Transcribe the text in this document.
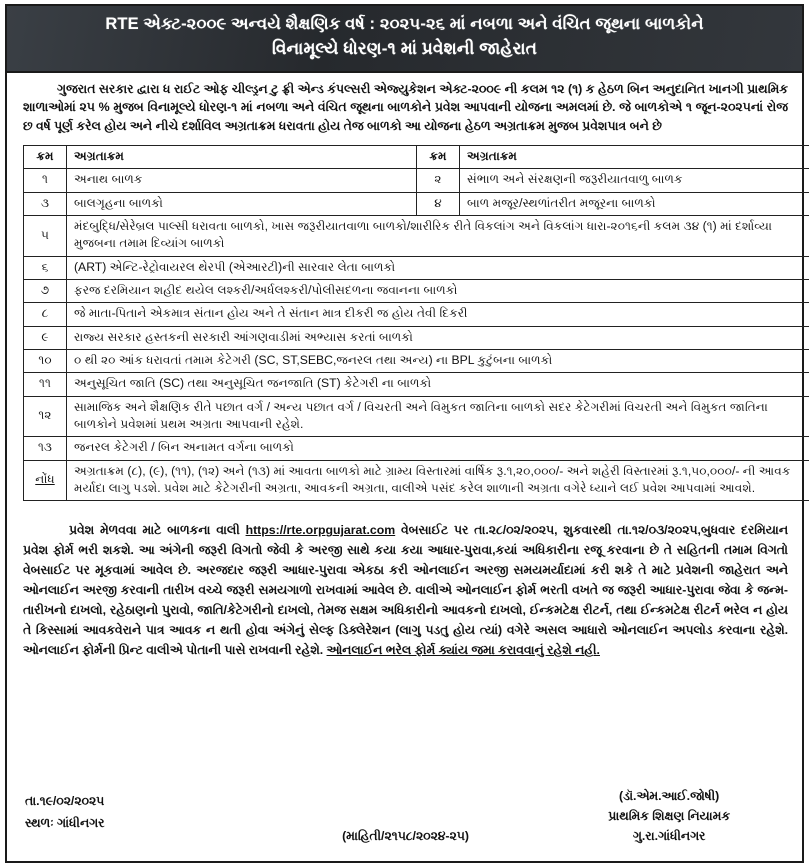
RTE એક્ટ-૨૦૦૯ અન્વયે શૈક્ષણિક વર્ષ : ૨૦૨૫-૨૬ માં નબળા અને વંચિત જૂથના બાળકોને
વિનામૂલ્યે ધોરણ-૧ માં પ્રવેશની જાહેરાત
ગુજરાત સરકાર દ્વારા ધ રાઈટ ઓફ ચીલ્ડ્રન ટુ ફ્રી એન્ડ કંપલ્સરી એજ્યુકેશન એક્ટ-૨૦૦૯ ની કલમ ૧૨ (૧) ક હેઠળ બિન અનુદાનિત ખાનગી પ્રાથમિક શાળાઓમાં ૨૫ % મુજબ વિનામૂલ્યે ધોરણ-૧ માં નબળા અને વંચિત જૂથના બાળકોને પ્રવેશ આપવાની યોજના અમલમાં છે. જે બાળકોએ ૧ જૂન-૨૦૨૫નાં રોજ છ વર્ષ પૂર્ણ કરેલ હોય અને નીચે દર્શાવિલ અગ્રતાક્રમ ધરાવતા હોય તેજ બાળકો આ યોજના હેઠળ અગ્રતાક્રમ મુજબ પ્રવેશપાત્ર બને છે
ક્રમ	અગ્રતાક્રમ	ક્રમ	અગ્રતાક્રમ
૧	અનાથ બાળક	૨	સંભાળ અને સંરક્ષણની જરૂરીયાતવાળુ બાળક
૩	બાલગૃહના બાળકો	૪	બાળ મજૂર/સ્થળાંતરીત મજૂરના બાળકો
૫	મંદબુદ્ધિ/સેરેબ્રલ પાલ્સી ધરાવતા બાળકો, ખાસ જરૂરીયાતવાળા બાળકો/શારીરિક રીતે વિકલાંગ અને વિકલાંગ ધારા-૨૦૧૬ની કલમ ૩૪ (૧) માં દર્શાવ્યા મુજબના તમામ દિવ્યાંગ બાળકો		
૬	(ART) એન્ટિ-રેટ્રોવાયરલ થેરપી (એઆરટી)ની સારવાર લેતા બાળકો		
૭	ફરજ દરમિયાન શહીદ થયેલ લશ્કરી/અર્ધલશ્કરી/પોલીસદળના જવાનના બાળકો		
૮	જે માતા-પિતાને એકમાત્ર સંતાન હોય અને તે સંતાન માત્ર દીકરી જ હોય તેવી દિકરી		
૯	રાજ્ય સરકાર હસ્તકની સરકારી આંગણવાડીમાં અભ્યાસ કરતાં બાળકો		
૧૦	૦ થી ૨૦ આંક ધરાવતાં તમામ કેટેગરી (SC, ST,SEBC,જનરલ તથા અન્ય) ના BPL કુટુંબના બાળકો		
૧૧	અનુસૂચિત જાતિ (SC) તથા અનુસૂચિત જનજાતિ (ST) કેટેગરી ના બાળકો		
૧૨	સામાજિક અને શૈક્ષણિક રીતે પછાત વર્ગ / અન્ય પછાત વર્ગ / વિચરતી અને વિમુકત જાતિના બાળકો સદર કેટેગરીમાં વિચરતી અને વિમુકત જાતિના બાળકોને પ્રવેશમાં પ્રથમ અગ્રતા આપવાની રહેશે.		
૧૩	જનરલ કેટેગરી / બિન અનામત વર્ગના બાળકો		
નોંધ	અગ્રતાક્રમ (૮), (૯), (૧૧), (૧૨) અને (૧૩) માં આવતા બાળકો માટે ગ્રામ્ય વિસ્તારમાં વાર્ષિક રૂ.૧,૨૦,૦૦૦/- અને શહેરી વિસ્તારમાં રૂ.૧,૫૦,૦૦૦/- ની આવક મર્યાદા લાગુ પડશે. પ્રવેશ માટે કેટેગરીની અગ્રતા, આવકની અગ્રતા, વાલીએ પસંદ કરેલ શાળાની અગ્રતા વગેરે ધ્યાને લઈ પ્રવેશ આપવામાં આવશે.		
પ્રવેશ મેળવવા માટે બાળકના વાલી https://rte.orpgujarat.com વેબસાઈટ પર તા.૨૮/૦૨/૨૦૨૫, શુકવારથી તા.૧૨/૦૩/૨૦૨૫,બુધવાર દરમિયાન પ્રવેશ ફોર્મ ભરી શકશે. આ અંગેની જરૂરી વિગતો જેવી કે અરજી સાથે કયા કયા આધાર-પુરાવા,કયાં અધિકારીના રજૂ કરવાના છે તે સહિતની તમામ વિગતો વેબસાઈટ પર મૂકવામાં આવેલ છે. અરજદાર જરૂરી આધાર-પુરાવા એકઠા કરી ઓનલાઈન અરજી સમયમર્યાદામાં કરી શકે તે માટે પ્રવેશની જાહેરાત અને ઓનલાઈન અરજી કરવાની તારીખ વચ્ચે જરૂરી સમયગાળો રાખવામાં આવેલ છે. વાલીએ ઓનલાઈન ફોર્મ ભરતી વખતે જ જરૂરી આધાર-પુરાવા જેવા કે જન્મ-તારીખનો દાખલો, રહેઠાણનો પુરાવો, જાતિ/કેટેગરીનો દાખલો, તેમજ સક્ષમ અધિકારીનો આવકનો દાખલો, ઈન્કમટેક્ષ રીટર્ન, તથા ઈન્કમટેક્ષ રીટર્ન ભરેલ ન હોય તે કિસ્સામાં આવકવેરાને પાત્ર આવક ન થતી હોવા અંગેનું સેલ્ફ ડિક્લેરેશન (લાગુ પડતુ હોય ત્યાં) વગેરે અસલ આધારો ઓનલાઈન અપલોડ કરવાના રહેશે. ઓનલાઈન ફોર્મની પ્રિન્ટ વાલીએ પોતાની પાસે રાખવાની રહેશે. ઓનલાઈન ભરેલ ફોર્મ ક્યાંય જમા કરાવવાનું રહેશે નહી.
તા.૧૯/૦૨/૨૦૨૫
સ્થળઃ ગાંધીનગર
(માહિતી/૨૧૫૮/૨૦૨૪-૨૫)
(ડૉ.એમ.આઈ.જોષી)
પ્રાથમિક શિક્ષણ નિયામક
ગુ.રા.ગાંધીનગર
